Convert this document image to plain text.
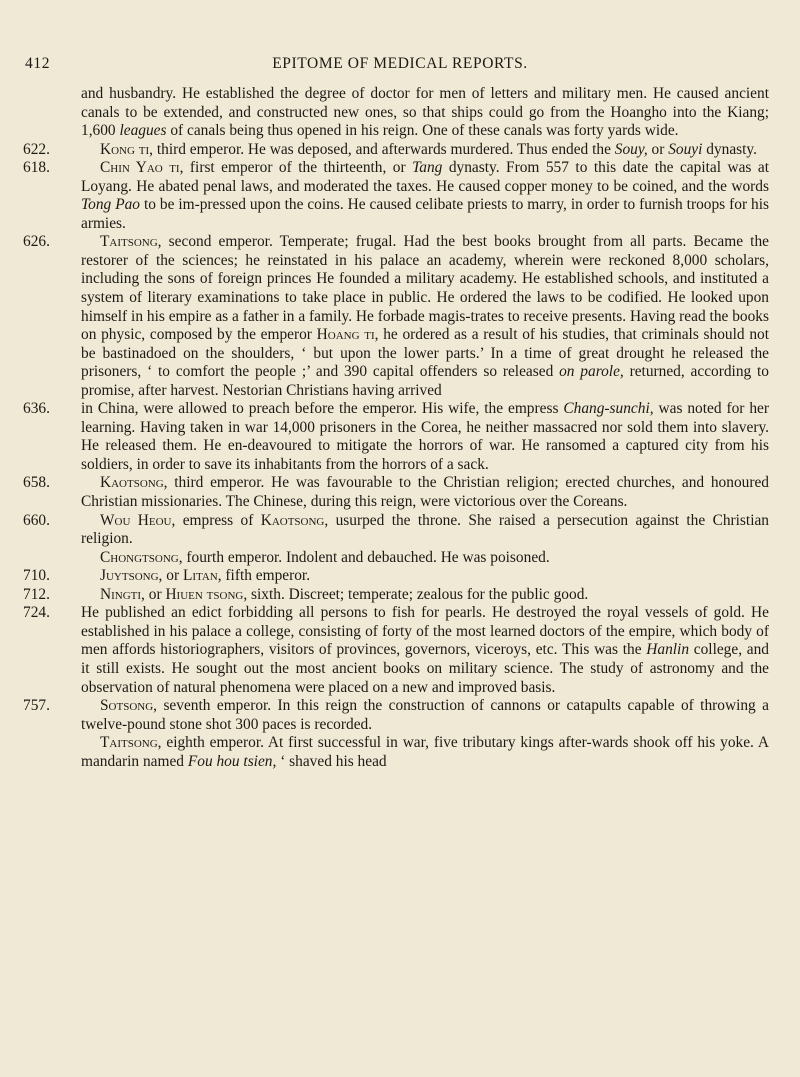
412	EPITOME OF MEDICAL REPORTS.
and husbandry. He established the degree of doctor for men of letters and military men. He caused ancient canals to be extended, and constructed new ones, so that ships could go from the Hoangho into the Kiang; 1,600 leagues of canals being thus opened in his reign. One of these canals was forty yards wide.
622.	Kong ti, third emperor. He was deposed, and afterwards murdered. Thus ended the Souy, or Souyi dynasty.
618.	Chin Yao ti, first emperor of the thirteenth, or Tang dynasty. From 557 to this date the capital was at Loyang. He abated penal laws, and moderated the taxes. He caused copper money to be coined, and the words Tong Pao to be im-pressed upon the coins. He caused celibate priests to marry, in order to furnish troops for his armies.
626.	Taitsong, second emperor. Temperate; frugal. Had the best books brought from all parts. Became the restorer of the sciences; he reinstated in his palace an academy, wherein were reckoned 8,000 scholars, including the sons of foreign princes He founded a military academy. He established schools, and instituted a system of literary examinations to take place in public. He ordered the laws to be codified. He looked upon himself in his empire as a father in a family. He forbade magis-trates to receive presents. Having read the books on physic, composed by the emperor Hoang ti, he ordered as a result of his studies, that criminals should not be bastinadoed on the shoulders, ‘ but upon the lower parts.’ In a time of great drought he released the prisoners, ‘ to comfort the people ;’ and 390 capital offenders so released on parole, returned, according to promise, after harvest. Nestorian Christians having arrived
636. in China, were allowed to preach before the emperor. His wife, the empress Chang-sunchi, was noted for her learning. Having taken in war 14,000 prisoners in the Corea, he neither massacred nor sold them into slavery. He released them. He en-deavoured to mitigate the horrors of war. He ransomed a captured city from his soldiers, in order to save its inhabitants from the horrors of a sack.
658.	Kaotsong, third emperor. He was favourable to the Christian religion; erected churches, and honoured Christian missionaries. The Chinese, during this reign, were victorious over the Coreans.
660.	Wou Heou, empress of Kaotsong, usurped the throne. She raised a persecution against the Christian religion.
Chongtsong, fourth emperor. Indolent and debauched. He was poisoned.
710.	Juytsong, or Litan, fifth emperor.
712.	Ningti, or Hiuen tsong, sixth. Discreet; temperate; zealous for the public good.
724. He published an edict forbidding all persons to fish for pearls. He destroyed the royal vessels of gold. He established in his palace a college, consisting of forty of the most learned doctors of the empire, which body of men affords historiographers, visitors of provinces, governors, viceroys, etc. This was the Hanlin college, and it still exists. He sought out the most ancient books on military science. The study of astronomy and the observation of natural phenomena were placed on a new and improved basis.
757.	Sotsong, seventh emperor. In this reign the construction of cannons or catapults capable of throwing a twelve-pound stone shot 300 paces is recorded.
Taitsong, eighth emperor. At first successful in war, five tributary kings after-wards shook off his yoke. A mandarin named Fou hou tsien, ‘ shaved his head
